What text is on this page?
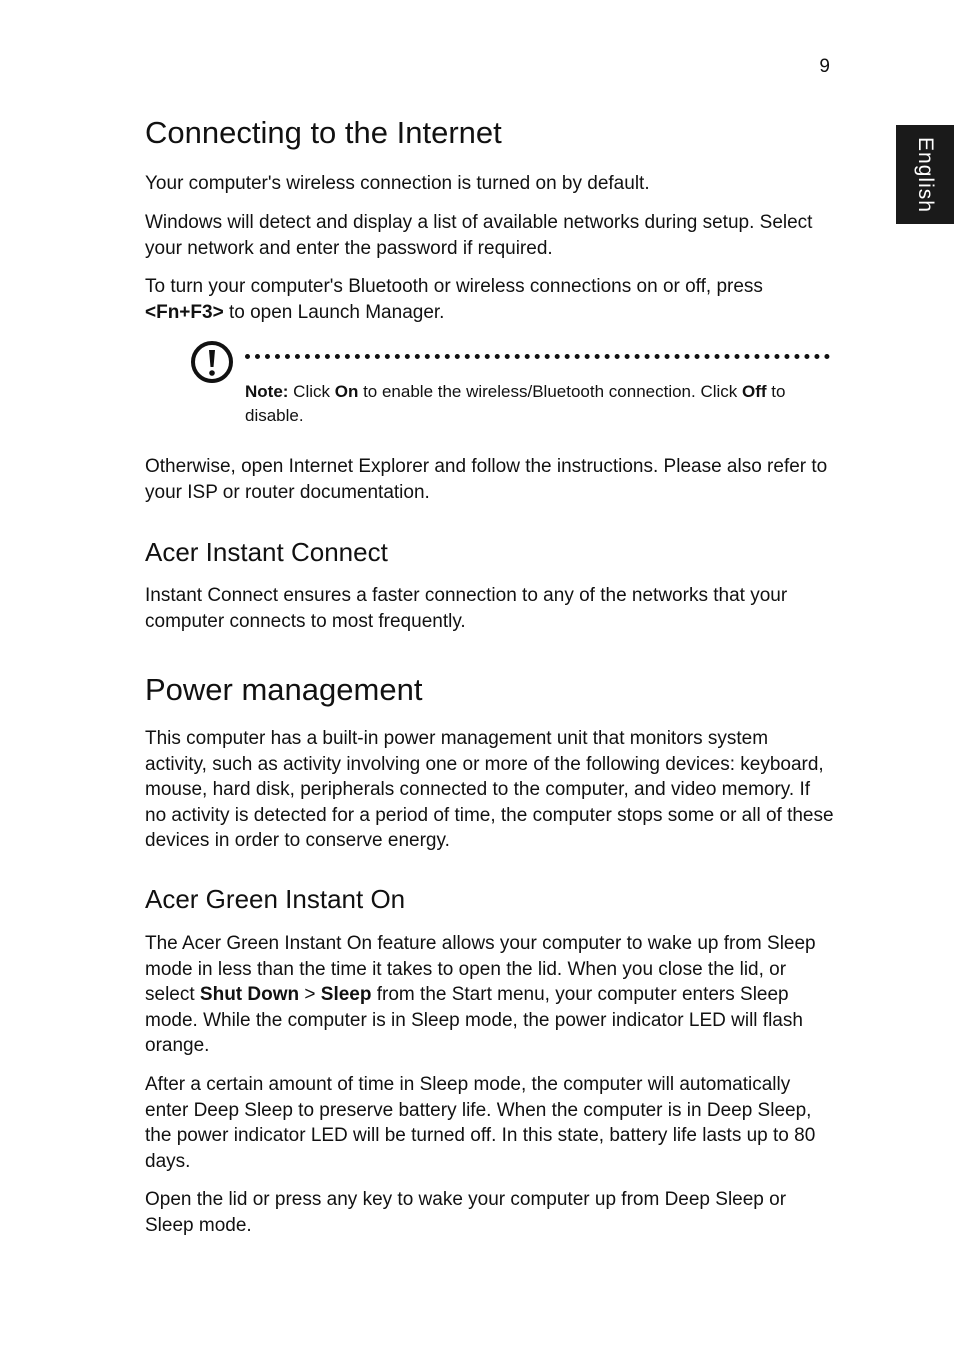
9
English
Connecting to the Internet

Your computer's wireless connection is turned on by default.

Windows will detect and display a list of available networks during setup. Select your network and enter the password if required.

To turn your computer's Bluetooth or wireless connections on or off, press <Fn+F3> to open Launch Manager.

Note: Click On to enable the wireless/Bluetooth connection. Click Off to disable.

Otherwise, open Internet Explorer and follow the instructions. Please also refer to your ISP or router documentation.

Acer Instant Connect

Instant Connect ensures a faster connection to any of the networks that your computer connects to most frequently.

Power management

This computer has a built-in power management unit that monitors system activity, such as activity involving one or more of the following devices: keyboard, mouse, hard disk, peripherals connected to the computer, and video memory. If no activity is detected for a period of time, the computer stops some or all of these devices in order to conserve energy.

Acer Green Instant On

The Acer Green Instant On feature allows your computer to wake up from Sleep mode in less than the time it takes to open the lid. When you close the lid, or select Shut Down > Sleep from the Start menu, your computer enters Sleep mode. While the computer is in Sleep mode, the power indicator LED will flash orange.

After a certain amount of time in Sleep mode, the computer will automatically enter Deep Sleep to preserve battery life. When the computer is in Deep Sleep, the power indicator LED will be turned off. In this state, battery life lasts up to 80 days.

Open the lid or press any key to wake your computer up from Deep Sleep or Sleep mode.
